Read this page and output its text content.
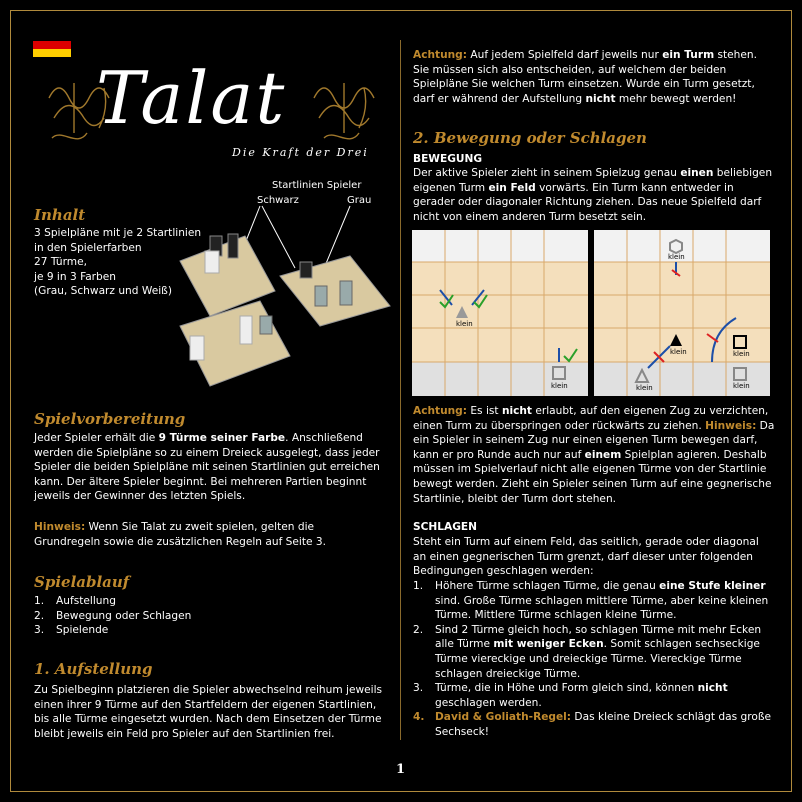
Talat
Die Kraft der Drei
Startlinien Spieler
Schwarz	Grau
Inhalt
3 Spielpläne mit je 2 Startlinien
in den Spielerfarben
27 Türme,
je 9 in 3 Farben
(Grau, Schwarz und Weiß)
Spielvorbereitung
Jeder Spieler erhält die 9 Türme seiner Farbe. Anschließend werden die Spielpläne so zu einem Dreieck ausgelegt, dass jeder Spieler die beiden Spielpläne mit seinen Startlinien gut erreichen kann. Der ältere Spieler beginnt. Bei mehreren Partien beginnt jeweils der Gewinner des letzten Spiels.
Hinweis: Wenn Sie Talat zu zweit spielen, gelten die Grundregeln sowie die zusätzlichen Regeln auf Seite 3.
Spielablauf
1. Aufstellung
2. Bewegung oder Schlagen
3. Spielende
1. Aufstellung
Zu Spielbeginn platzieren die Spieler abwechselnd reihum jeweils einen ihrer 9 Türme auf den Startfeldern der eigenen Startlinien, bis alle Türme eingesetzt wurden. Nach dem Einsetzen der Türme bleibt jeweils ein Feld pro Spieler auf den Startlinien frei.
Achtung: Auf jedem Spielfeld darf jeweils nur ein Turm stehen. Sie müssen sich also entscheiden, auf welchem der beiden Spielpläne Sie welchen Turm einsetzen. Wurde ein Turm gesetzt, darf er während der Aufstellung nicht mehr bewegt werden!
2. Bewegung oder Schlagen
BEWEGUNG
Der aktive Spieler zieht in seinem Spielzug genau einen beliebigen eigenen Turm ein Feld vorwärts. Ein Turm kann entweder in gerader oder diagonaler Richtung ziehen. Das neue Spielfeld darf nicht von einem anderen Turm besetzt sein.
klein
klein
klein
klein
klein
klein
klein
Achtung: Es ist nicht erlaubt, auf den eigenen Zug zu verzichten, einen Turm zu überspringen oder rückwärts zu ziehen. Hinweis: Da ein Spieler in seinem Zug nur einen eigenen Turm bewegen darf, kann er pro Runde auch nur auf einem Spielplan agieren. Deshalb müssen im Spielverlauf nicht alle eigenen Türme von der Startlinie bewegt werden. Zieht ein Spieler seinen Turm auf eine gegnerische Startlinie, bleibt der Turm dort stehen.
SCHLAGEN
Steht ein Turm auf einem Feld, das seitlich, gerade oder diagonal an einen gegnerischen Turm grenzt, darf dieser unter folgenden Bedingungen geschlagen werden:
1. Höhere Türme schlagen Türme, die genau eine Stufe kleiner sind. Große Türme schlagen mittlere Türme, aber keine kleinen Türme. Mittlere Türme schlagen kleine Türme.
2. Sind 2 Türme gleich hoch, so schlagen Türme mit mehr Ecken alle Türme mit weniger Ecken. Somit schlagen sechseckige Türme viereckige und dreieckige Türme. Viereckige Türme schlagen dreieckige Türme.
3. Türme, die in Höhe und Form gleich sind, können nicht geschlagen werden.
4. David & Goliath-Regel: Das kleine Dreieck schlägt das große Sechseck!
1
